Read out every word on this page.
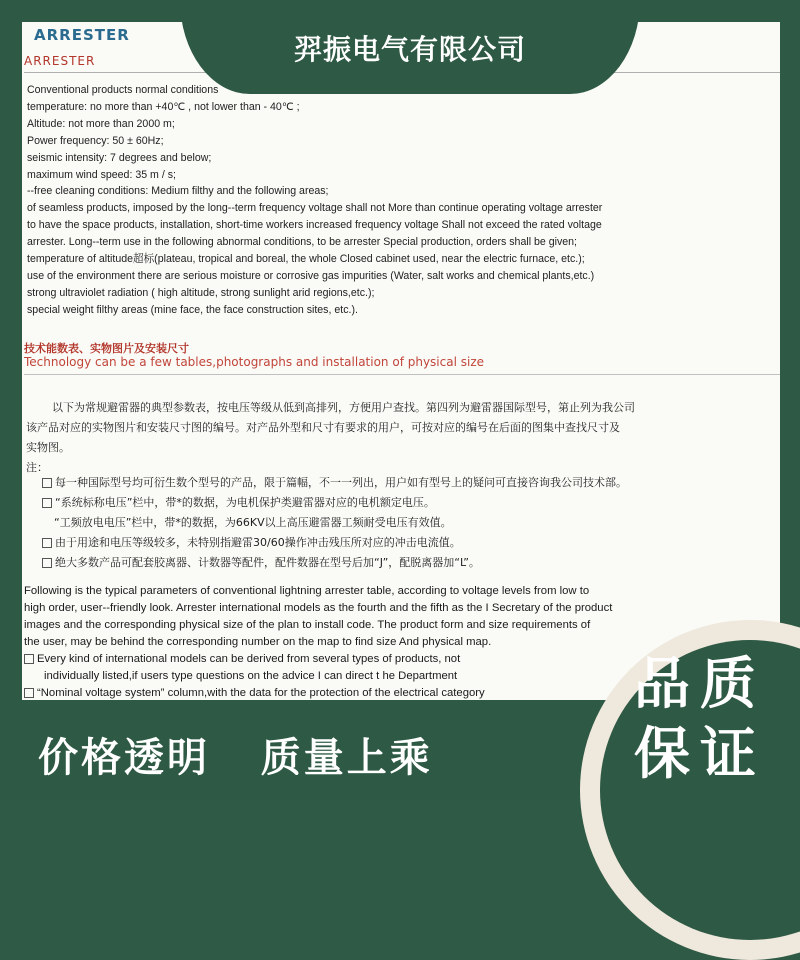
ARRESTER
ARRESTER
Conventional products normal conditions
temperature: no more than +40℃ , not lower than - 40℃ ;
Altitude: not more than 2000 m;
Power frequency: 50 ± 60Hz;
seismic intensity: 7 degrees and below;
maximum wind speed: 35 m / s;
--free cleaning conditions: Medium filthy and the following areas;
of seamless products, imposed by the long--term frequency voltage shall not More than continue operating voltage arrester
to have the space products, installation, short-time workers increased frequency voltage Shall not exceed the rated voltage
arrester. Long--term use in the following abnormal conditions, to be arrester Special production, orders shall be given;
temperature of altitude超标(plateau, tropical and boreal, the whole Closed cabinet used, near the electric furnace, etc.);
use of the environment there are serious moisture or corrosive gas impurities (Water, salt works and chemical plants,etc.)
strong ultraviolet radiation ( high altitude, strong sunlight arid regions,etc.);
special weight filthy areas (mine face, the face construction sites, etc.).
技术能数表、实物图片及安装尺寸
Technology can be a few tables,photographs and installation of physical size
以下为常规避雷器的典型参数表，按电压等级从低到高排列，方便用户查找。第四列为避雷器国际型号，第止列为我公司
该产品对应的实物图片和安装尺寸图的编号。对产品外型和尺寸有要求的用户，可按对应的编号在后面的图集中查找尺寸及
实物图。
注：
每一种国际型号均可衍生数个型号的产品，限于篇幅，不一一列出，用户如有型号上的疑问可直接咨询我公司技术部。
“系统标称电压”栏中，带*的数据，为电机保护类避雷器对应的电机额定电压。
“工频放电电压”栏中，带*的数据，为66KV以上高压避雷器工频耐受电压有效值。
由于用途和电压等级较多，未特别指避雷30/60操作冲击残压所对应的冲击电流值。
绝大多数产品可配套胶离器、计数器等配件，配件数器在型号后加“J”，配脱离器加“L”。
Following is the typical parameters of conventional lightning arrester table, according to voltage levels from low to
high order, user--friendly look. Arrester international models as the fourth and the fifth as the I Secretary of the product
images and the corresponding physical size of the plan to install code. The product form and size requirements of
the user, may be behind the corresponding number on the map to find size And physical map.
Every kind of international models can be derived from several types of products, not
individually listed,if users type questions on the advice I can direct t he Department
“Nominal voltage system” column,with the data for the protection of the electrical category
羿振电气有限公司
价格透明   质量上乘
品质
保证
